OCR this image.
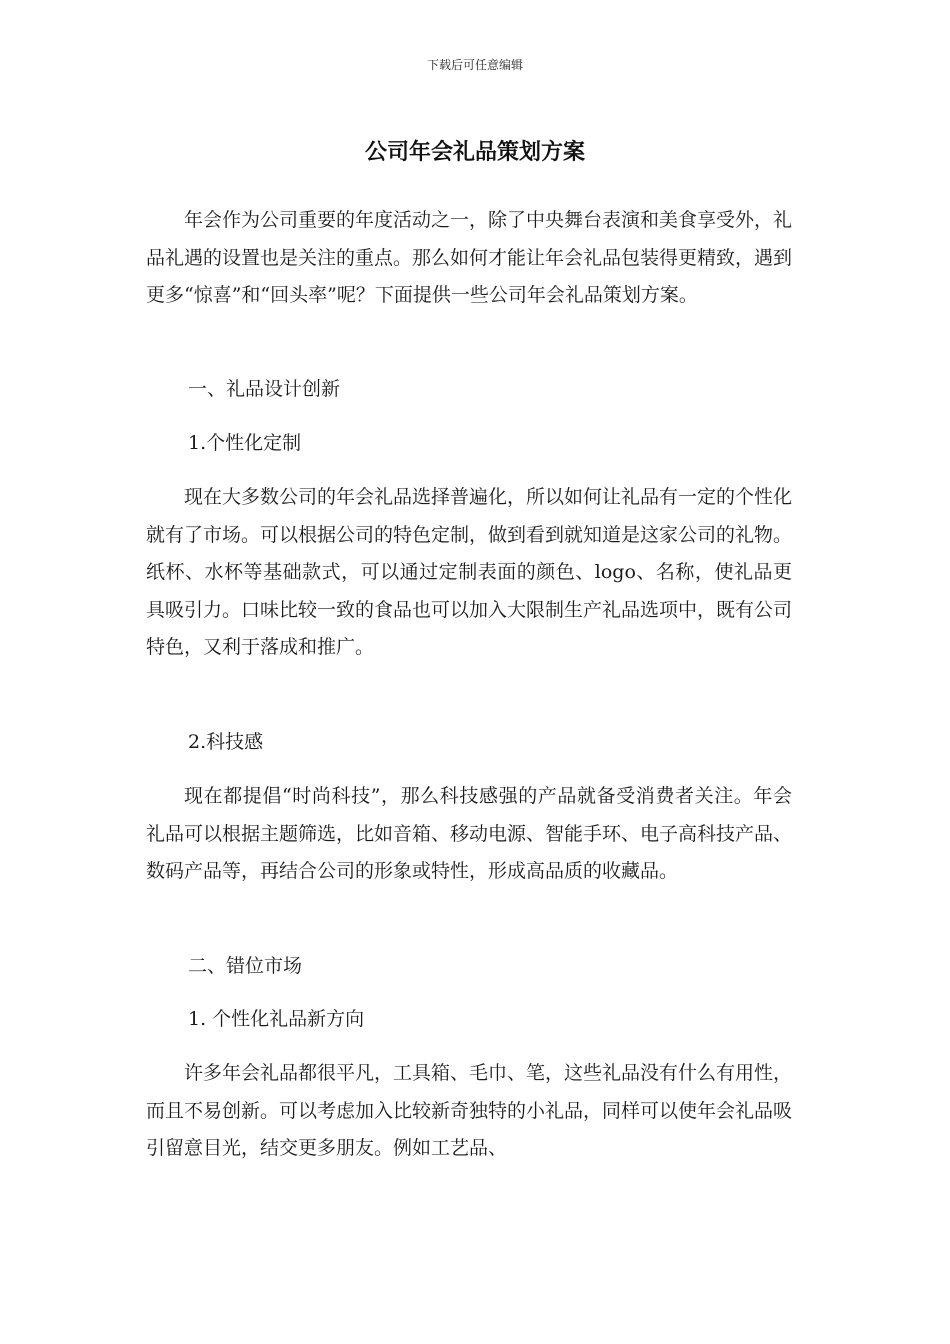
下载后可任意编辑
公司年会礼品策划方案

年会作为公司重要的年度活动之一，除了中央舞台表演和美食享受外，礼品礼遇的设置也是关注的重点。那么如何才能让年会礼品包装得更精致，遇到更多“惊喜”和“回头率”呢？下面提供一些公司年会礼品策划方案。

一、礼品设计创新

1.个性化定制

现在大多数公司的年会礼品选择普遍化，所以如何让礼品有一定的个性化就有了市场。可以根据公司的特色定制，做到看到就知道是这家公司的礼物。纸杯、水杯等基础款式，可以通过定制表面的颜色、logo、名称，使礼品更具吸引力。口味比较一致的食品也可以加入大限制生产礼品选项中，既有公司特色，又利于落成和推广。

2.科技感

现在都提倡“时尚科技”，那么科技感强的产品就备受消费者关注。年会礼品可以根据主题筛选，比如音箱、移动电源、智能手环、电子高科技产品、数码产品等，再结合公司的形象或特性，形成高品质的收藏品。

二、错位市场

1. 个性化礼品新方向

许多年会礼品都很平凡，工具箱、毛巾、笔，这些礼品没有什么有用性，而且不易创新。可以考虑加入比较新奇独特的小礼品，同样可以使年会礼品吸引留意目光，结交更多朋友。例如工艺品、
